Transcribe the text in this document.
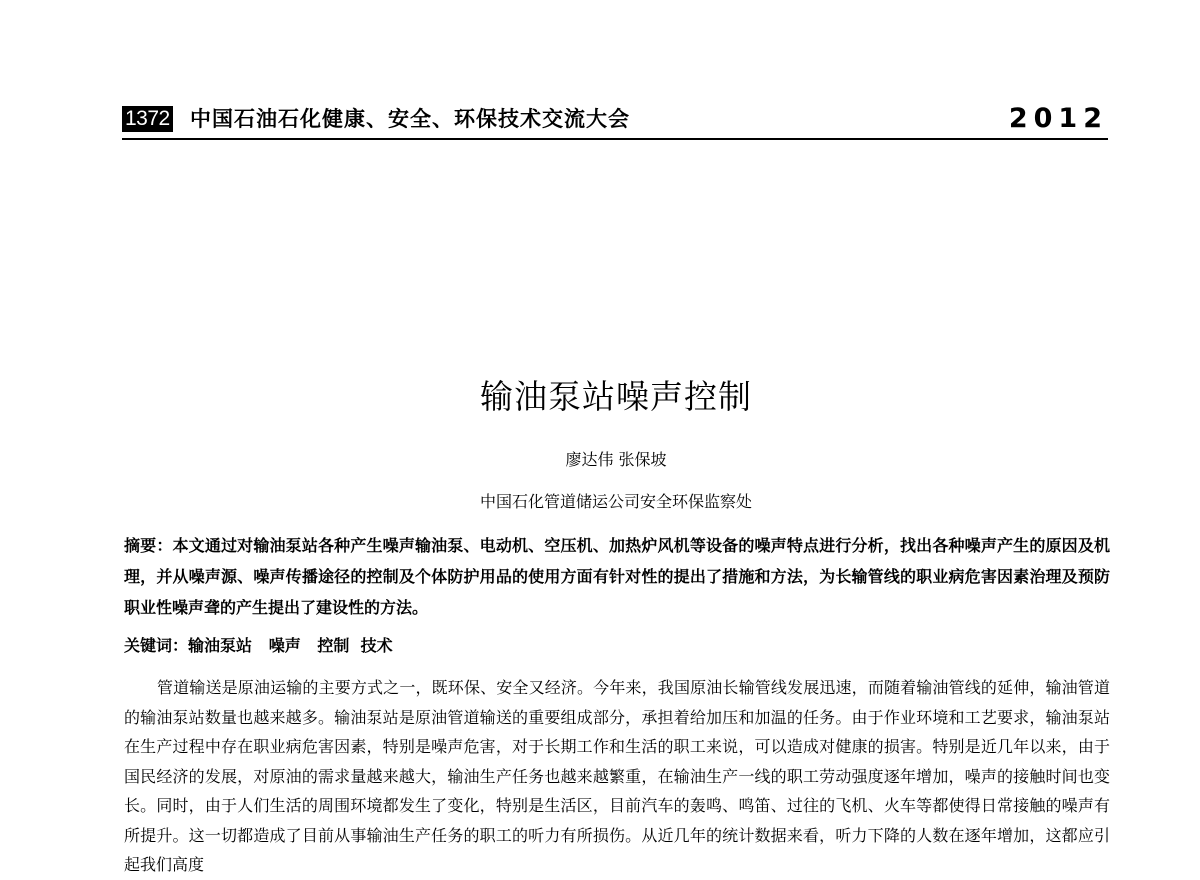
1372 中国石油石化健康、安全、环保技术交流大会	2012
输油泵站噪声控制
廖达伟 张保坡
中国石化管道储运公司安全环保监察处
摘要：本文通过对输油泵站各种产生噪声输油泵、电动机、空压机、加热炉风机等设备的噪声特点进行分析，找出各种噪声产生的原因及机理，并从噪声源、噪声传播途径的控制及个体防护用品的使用方面有针对性的提出了措施和方法，为长输管线的职业病危害因素治理及预防职业性噪声聋的产生提出了建设性的方法。
关键词：输油泵站   噪声   控制  技术
管道输送是原油运输的主要方式之一，既环保、安全又经济。今年来，我国原油长输管线发展迅速，而随着输油管线的延伸，输油管道的输油泵站数量也越来越多。输油泵站是原油管道输送的重要组成部分，承担着给加压和加温的任务。由于作业环境和工艺要求，输油泵站在生产过程中存在职业病危害因素，特别是噪声危害，对于长期工作和生活的职工来说，可以造成对健康的损害。特别是近几年以来，由于国民经济的发展，对原油的需求量越来越大，输油生产任务也越来越繁重，在输油生产一线的职工劳动强度逐年增加，噪声的接触时间也变长。同时，由于人们生活的周围环境都发生了变化，特别是生活区，目前汽车的轰鸣、鸣笛、过往的飞机、火车等都使得日常接触的噪声有所提升。这一切都造成了目前从事输油生产任务的职工的听力有所损伤。从近几年的统计数据来看，听力下降的人数在逐年增加，这都应引起我们高度
